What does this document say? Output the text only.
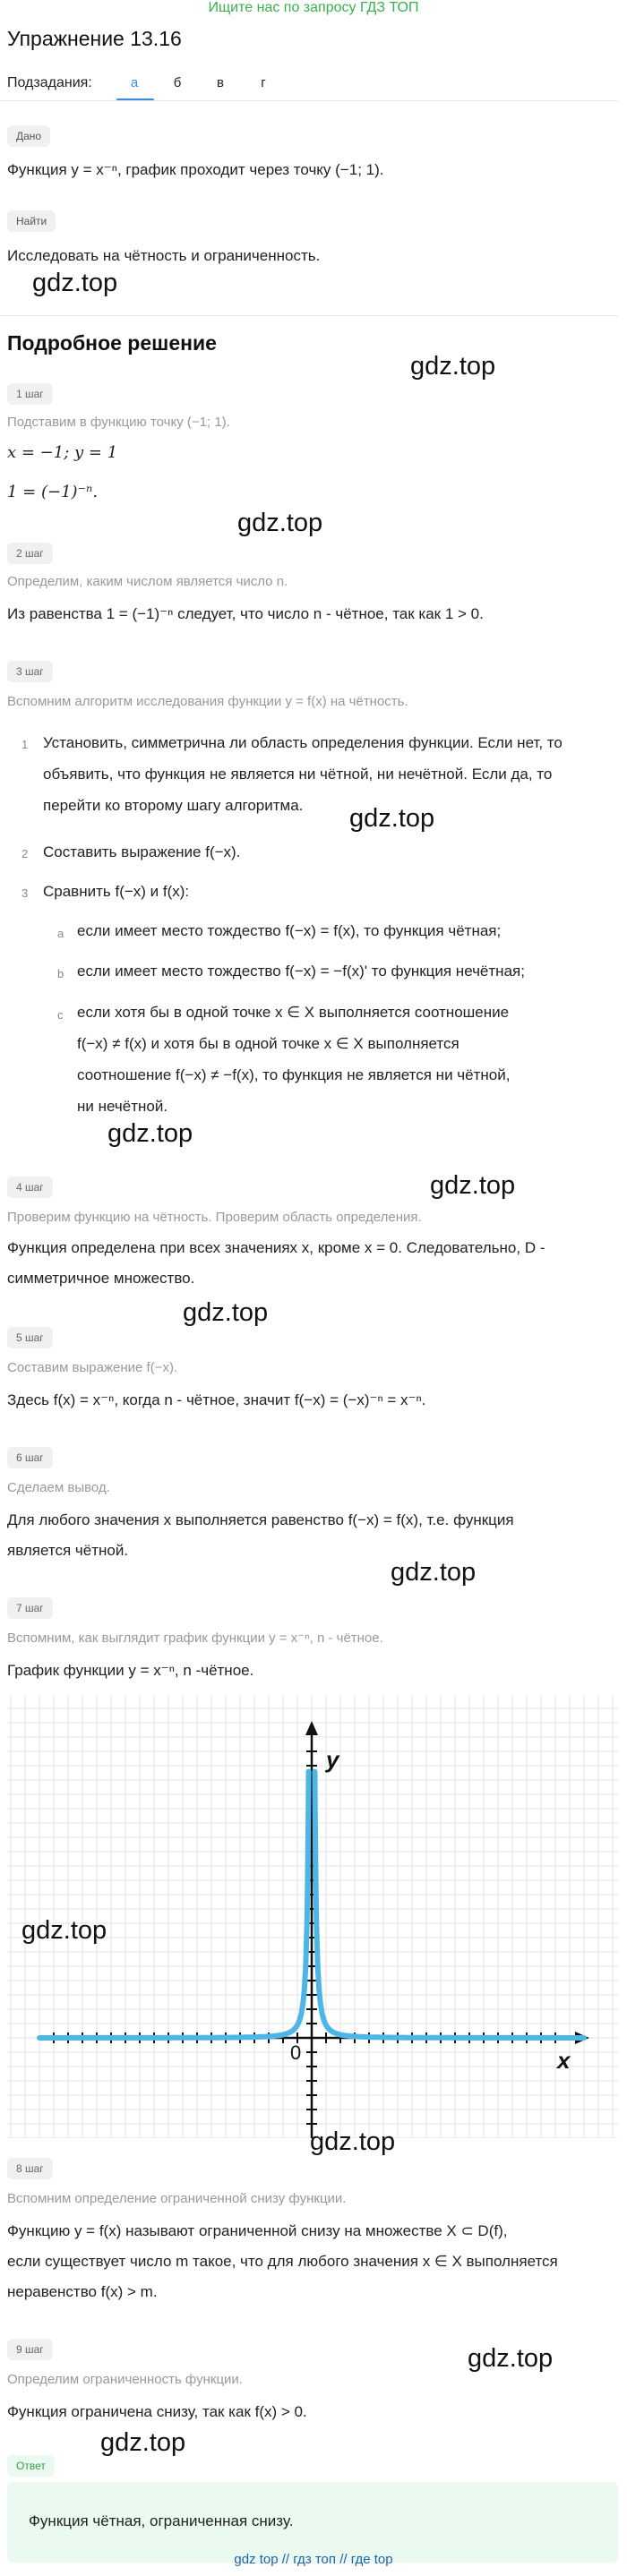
Ищите нас по запросу ГДЗ ТОП
Упражнение 13.16
Подзадания:	а	б	в	г
Дано
Функция y = x⁻ⁿ, график проходит через точку (−1; 1).
Найти
Исследовать на чётность и ограниченность.
gdz.top
Подробное решение
gdz.top
1 шаг
Подставим в функцию точку (−1; 1).
x = −1; y = 1
1 = (−1)⁻ⁿ.
gdz.top
2 шаг
Определим, каким числом является число n.
Из равенства 1 = (−1)⁻ⁿ следует, что число n - чётное, так как 1 > 0.
3 шаг
Вспомним алгоритм исследования функции y = f(x) на чётность.
1 Установить, симметрична ли область определения функции. Если нет, то
объявить, что функция не является ни чётной, ни нечётной. Если да, то
перейти ко второму шагу алгоритма.	gdz.top
2 Составить выражение f(−x).
3 Сравнить f(−x) и f(x):
a если имеет место тождество f(−x) = f(x), то функция чётная;
b если имеет место тождество f(−x) = −f(x)' то функция нечётная;
c если хотя бы в одной точке x ∈ X выполняется соотношение
f(−x) ≠ f(x) и хотя бы в одной точке x ∈ X выполняется
соотношение f(−x) ≠ −f(x), то функция не является ни чётной,
ни нечётной.
gdz.top
gdz.top
4 шаг
Проверим функцию на чётность. Проверим область определения.
Функция определена при всех значениях x, кроме x = 0. Следовательно, D -
симметричное множество.
gdz.top
5 шаг
Составим выражение f(−x).
Здесь f(x) = x⁻ⁿ, когда n - чётное, значит f(−x) = (−x)⁻ⁿ = x⁻ⁿ.
6 шаг
Сделаем вывод.
Для любого значения x выполняется равенство f(−x) = f(x), т.е. функция
является чётной.
gdz.top
7 шаг
Вспомним, как выглядит график функции y = x⁻ⁿ, n - чётное.
График функции y = x⁻ⁿ, n -чётное.
y
x
0
gdz.top
gdz.top
8 шаг
Вспомним определение ограниченной снизу функции.
Функцию y = f(x) называют ограниченной снизу на множестве X ⊂ D(f),
если существует число m такое, что для любого значения x ∈ X выполняется
неравенство f(x) > m.
gdz.top
9 шаг
Определим ограниченность функции.
Функция ограничена снизу, так как f(x) > 0.
gdz.top
Ответ
Функция чётная, ограниченная снизу.
gdz top // гдз топ // где top
